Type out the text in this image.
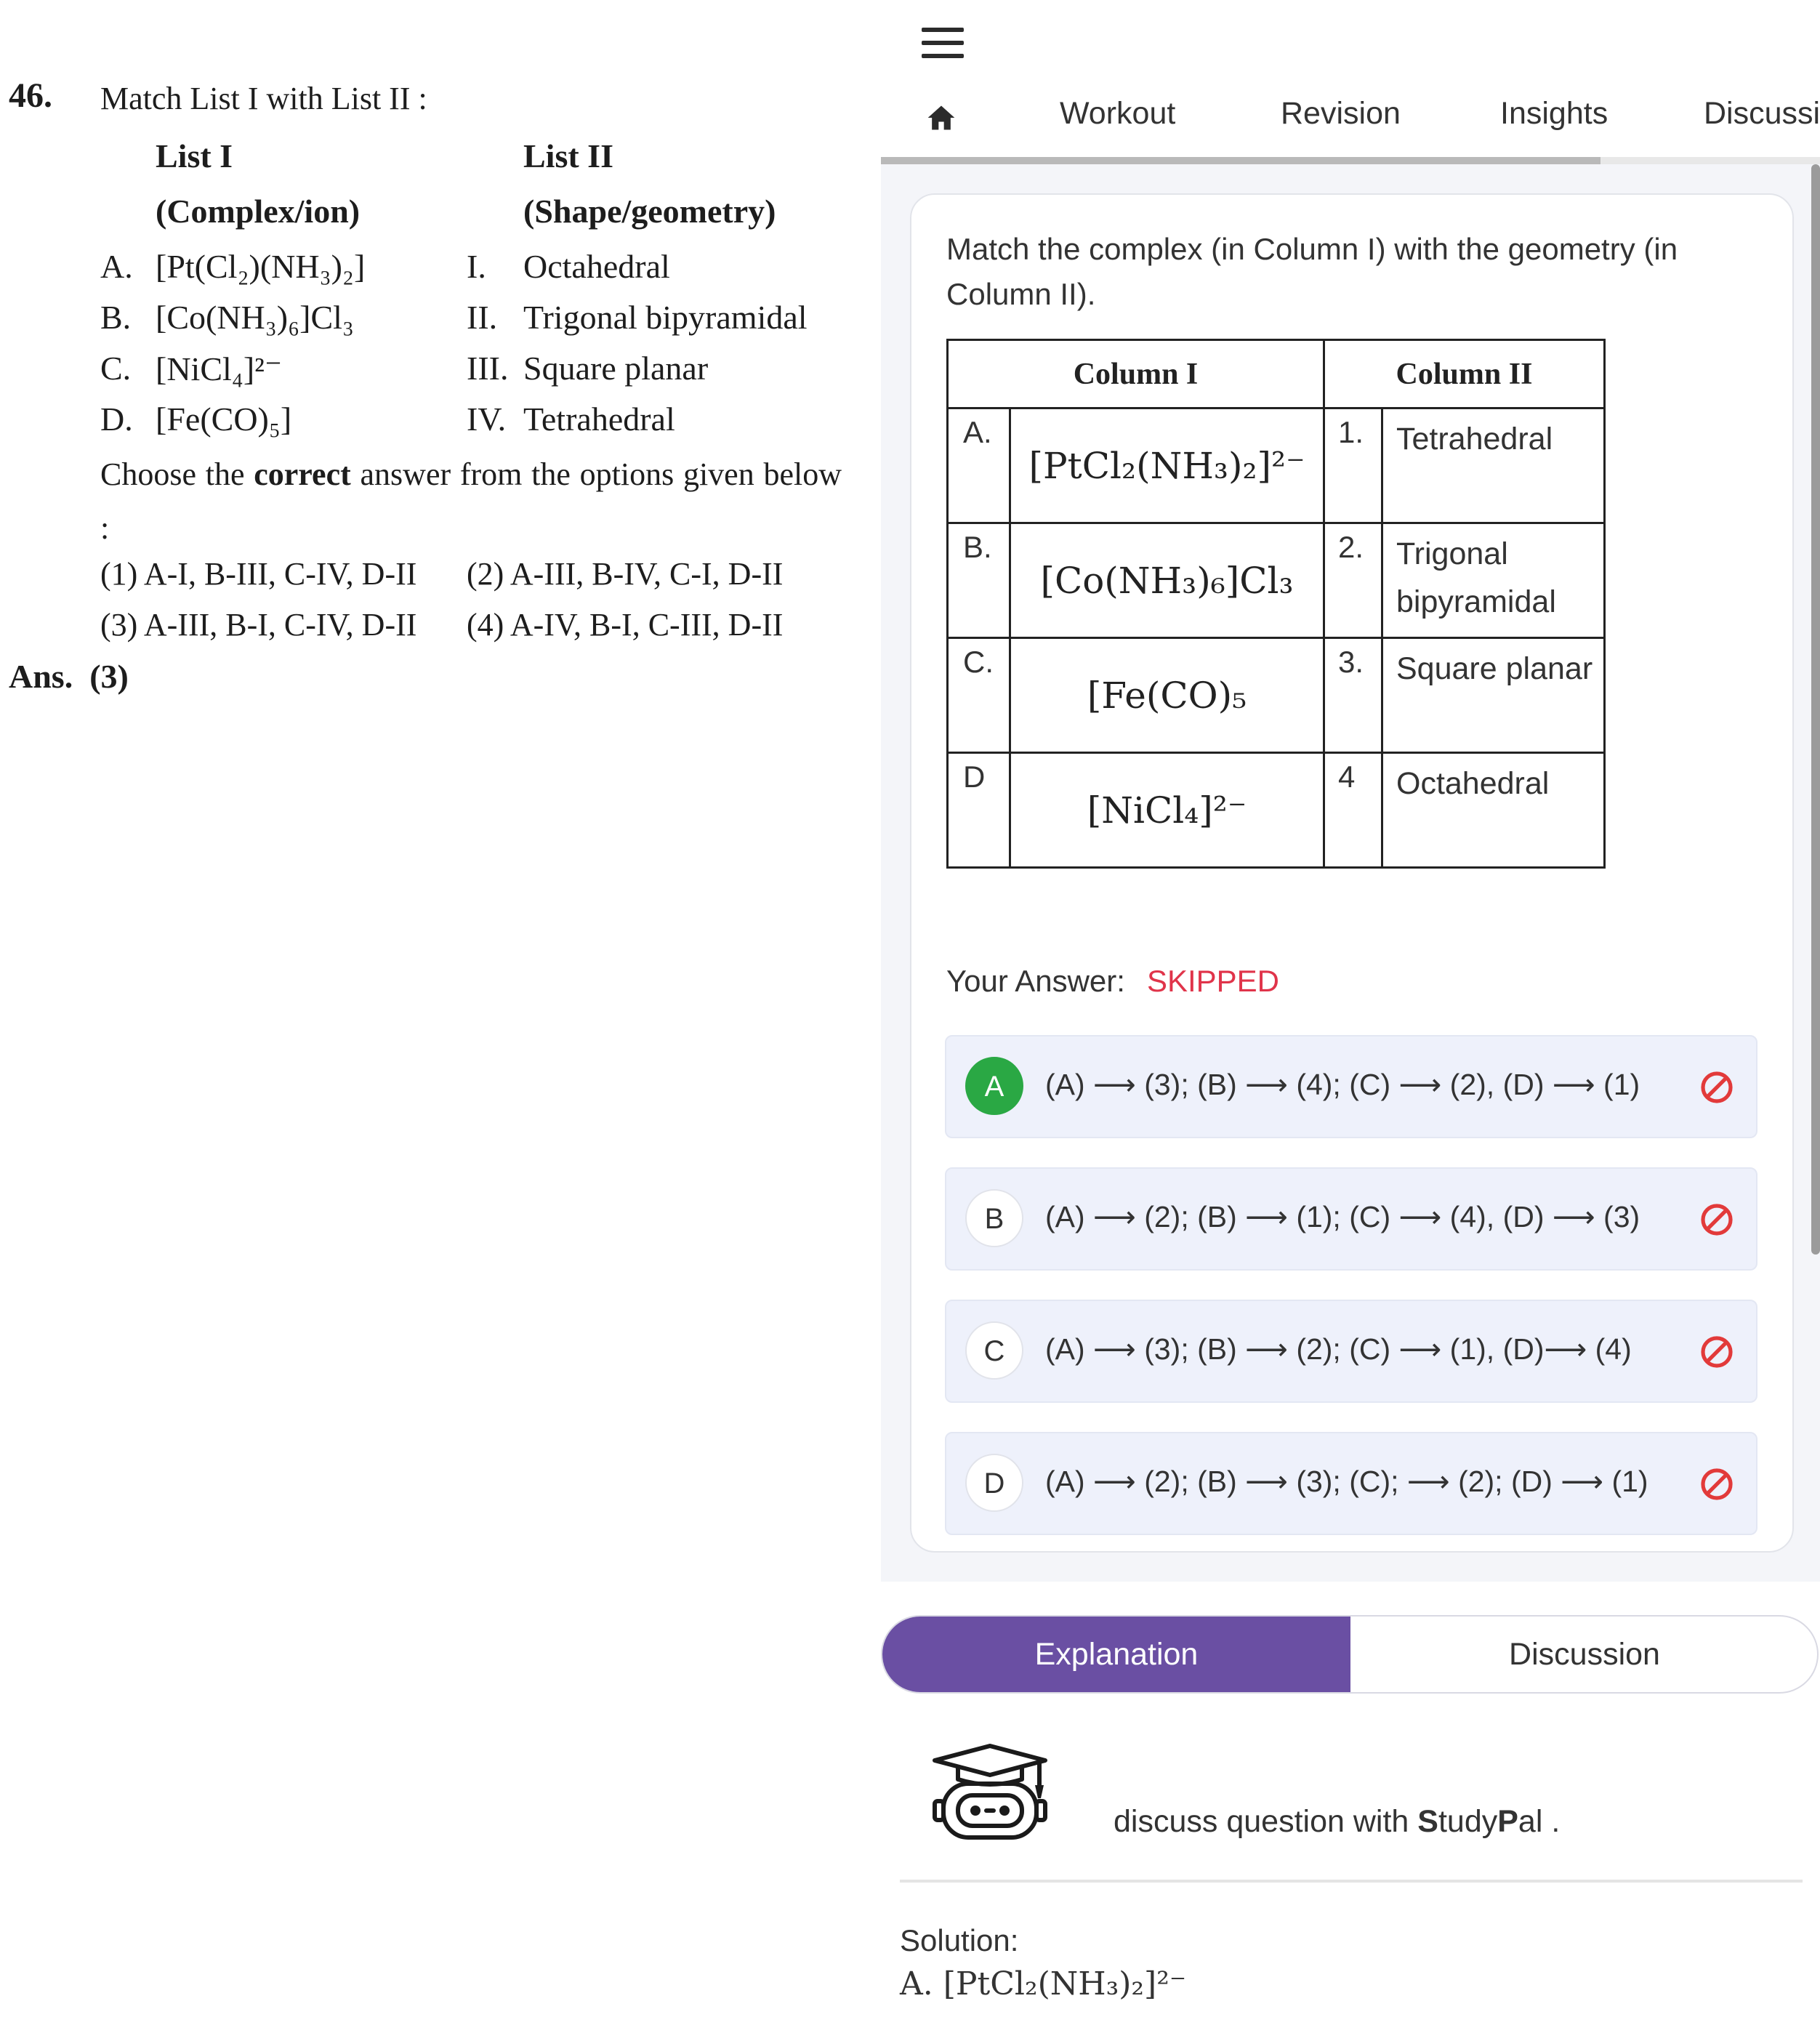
46. Match List I with List II :
List I	List II
(Complex/ion)	(Shape/geometry)
A. [Pt(Cl₂)(NH₃)₂]	I. Octahedral
B. [Co(NH₃)₆]Cl₃	II. Trigonal bipyramidal
C. [NiCl₄]²⁻	III. Square planar
D. [Fe(CO)₅]	IV. Tetrahedral
Choose the correct answer from the options given below :
(1) A-I, B-III, C-IV, D-II (2) A-III, B-IV, C-I, D-II
(3) A-III, B-I, C-IV, D-II (4) A-IV, B-I, C-III, D-II
Ans. (3)
Workout	Revision	Insights	Discussi
Match the complex (in Column I) with the geometry (in Column II).
Column I		Column II	
A.	[PtCl₂(NH₃)₂]²⁻	1.	Tetrahedral
B.	[Co(NH₃)₆]Cl₃	2.	Trigonal bipyramidal
C.	[Fe(CO)₅	3.	Square planar
D	[NiCl₄]²⁻	4	Octahedral
Your Answer: SKIPPED
A	(A) ⟶ (3); (B) ⟶ (4); (C) ⟶ (2), (D) ⟶ (1)
B	(A) ⟶ (2); (B) ⟶ (1); (C) ⟶ (4), (D) ⟶ (3)
C	(A) ⟶ (3); (B) ⟶ (2); (C) ⟶ (1), (D)⟶ (4)
D	(A) ⟶ (2); (B) ⟶ (3); (C); ⟶ (2); (D) ⟶ (1)
Explanation	Discussion
discuss question with StudyPal .
Solution:
A. [PtCl₂(NH₃)₂]²⁻
